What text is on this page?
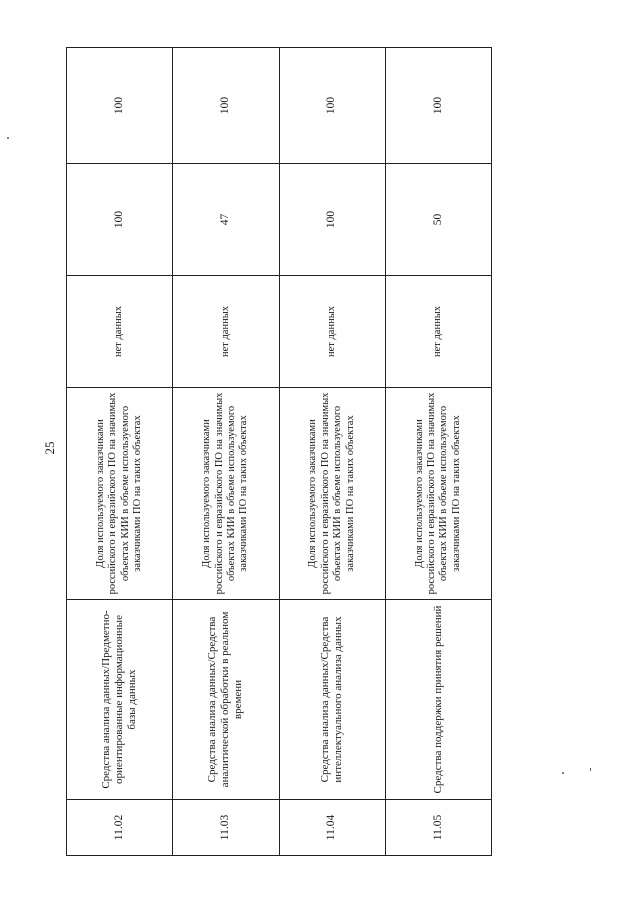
25
11.02	Средства анализа данных/Предметно-ориентированные информационные базы данных	Доля используемого заказчиками российского и евразийского ПО на значимых объектах КИИ в объеме используемого заказчиками ПО на таких объектах	нет данных	100	100
11.03	Средства анализа данных/Средства аналитической обработки в реальном времени	Доля используемого заказчиками российского и евразийского ПО на значимых объектах КИИ в объеме используемого заказчиками ПО на таких объектах	нет данных	47	100
11.04	Средства анализа данных/Средства интеллектуального анализа данных	Доля используемого заказчиками российского и евразийского ПО на значимых объектах КИИ в объеме используемого заказчиками ПО на таких объектах	нет данных	100	100
11.05	Средства поддержки принятия решений	Доля используемого заказчиками российского и евразийского ПО на значимых объектах КИИ в объеме используемого заказчиками ПО на таких объектах	нет данных	50	100
